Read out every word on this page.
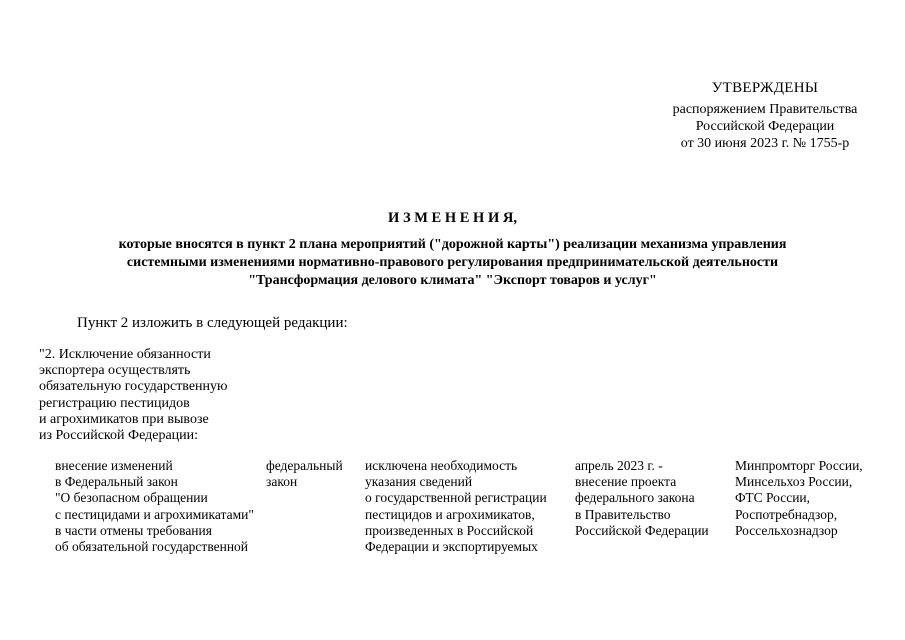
УТВЕРЖДЕНЫ
распоряжением Правительства
Российской Федерации
от 30 июня 2023 г. № 1755-р
И З М Е Н Е Н И Я,
которые вносятся в пункт 2 плана мероприятий ("дорожной карты") реализации механизма управления
системными изменениями нормативно-правового регулирования предпринимательской деятельности
"Трансформация делового климата" "Экспорт товаров и услуг"
Пункт 2 изложить в следующей редакции:
"2. Исключение обязанности
экспортера осуществлять
обязательную государственную
регистрацию пестицидов
и агрохимикатов при вывозе
из Российской Федерации:
внесение изменений
в Федеральный закон
"О безопасном обращении
с пестицидами и агрохимикатами"
в части отмены требования
об обязательной государственной
федеральный
закон
исключена необходимость
указания сведений
о государственной регистрации
пестицидов и агрохимикатов,
произведенных в Российской
Федерации и экспортируемых
апрель 2023 г. -
внесение проекта
федерального закона
в Правительство
Российской Федерации
Минпромторг России,
Минсельхоз России,
ФТС России,
Роспотребнадзор,
Россельхознадзор
